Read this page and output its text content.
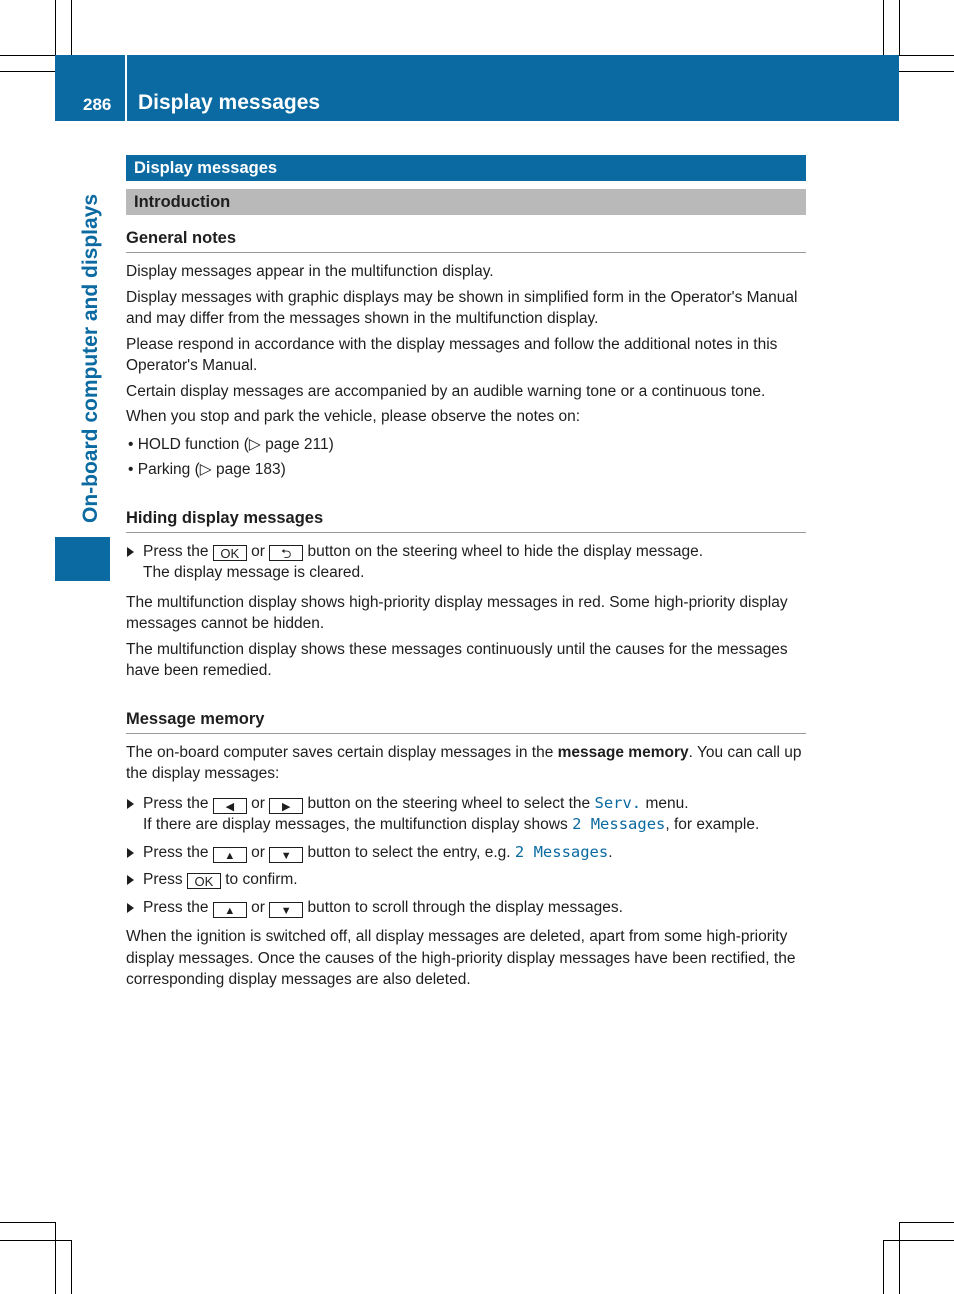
286 Display messages
On-board computer and displays
Display messages
Introduction
General notes

Display messages appear in the multifunction display.

Display messages with graphic displays may be shown in simplified form in the Operator's Manual and may differ from the messages shown in the multifunction display.

Please respond in accordance with the display messages and follow the additional notes in this Operator's Manual.

Certain display messages are accompanied by an audible warning tone or a continuous tone.

When you stop and park the vehicle, please observe the notes on:

• HOLD function (▷ page 211)
• Parking (▷ page 183)
Hiding display messages
Press the OK or ⮌ button on the steering wheel to hide the display message.
The display message is cleared.

The multifunction display shows high-priority display messages in red. Some high-priority display messages cannot be hidden.

The multifunction display shows these messages continuously until the causes for the messages have been remedied.

Message memory

The on-board computer saves certain display messages in the message memory. You can call up the display messages:

Press the ◀ or ▶ button on the steering wheel to select the Serv. menu.
If there are display messages, the multifunction display shows 2 Messages, for example.
Press the ▲ or ▼ button to select the entry, e.g. 2 Messages.
Press OK to confirm.
Press the ▲ or ▼ button to scroll through the display messages.

When the ignition is switched off, all display messages are deleted, apart from some high-priority display messages. Once the causes of the high-priority display messages have been rectified, the corresponding display messages are also deleted.
